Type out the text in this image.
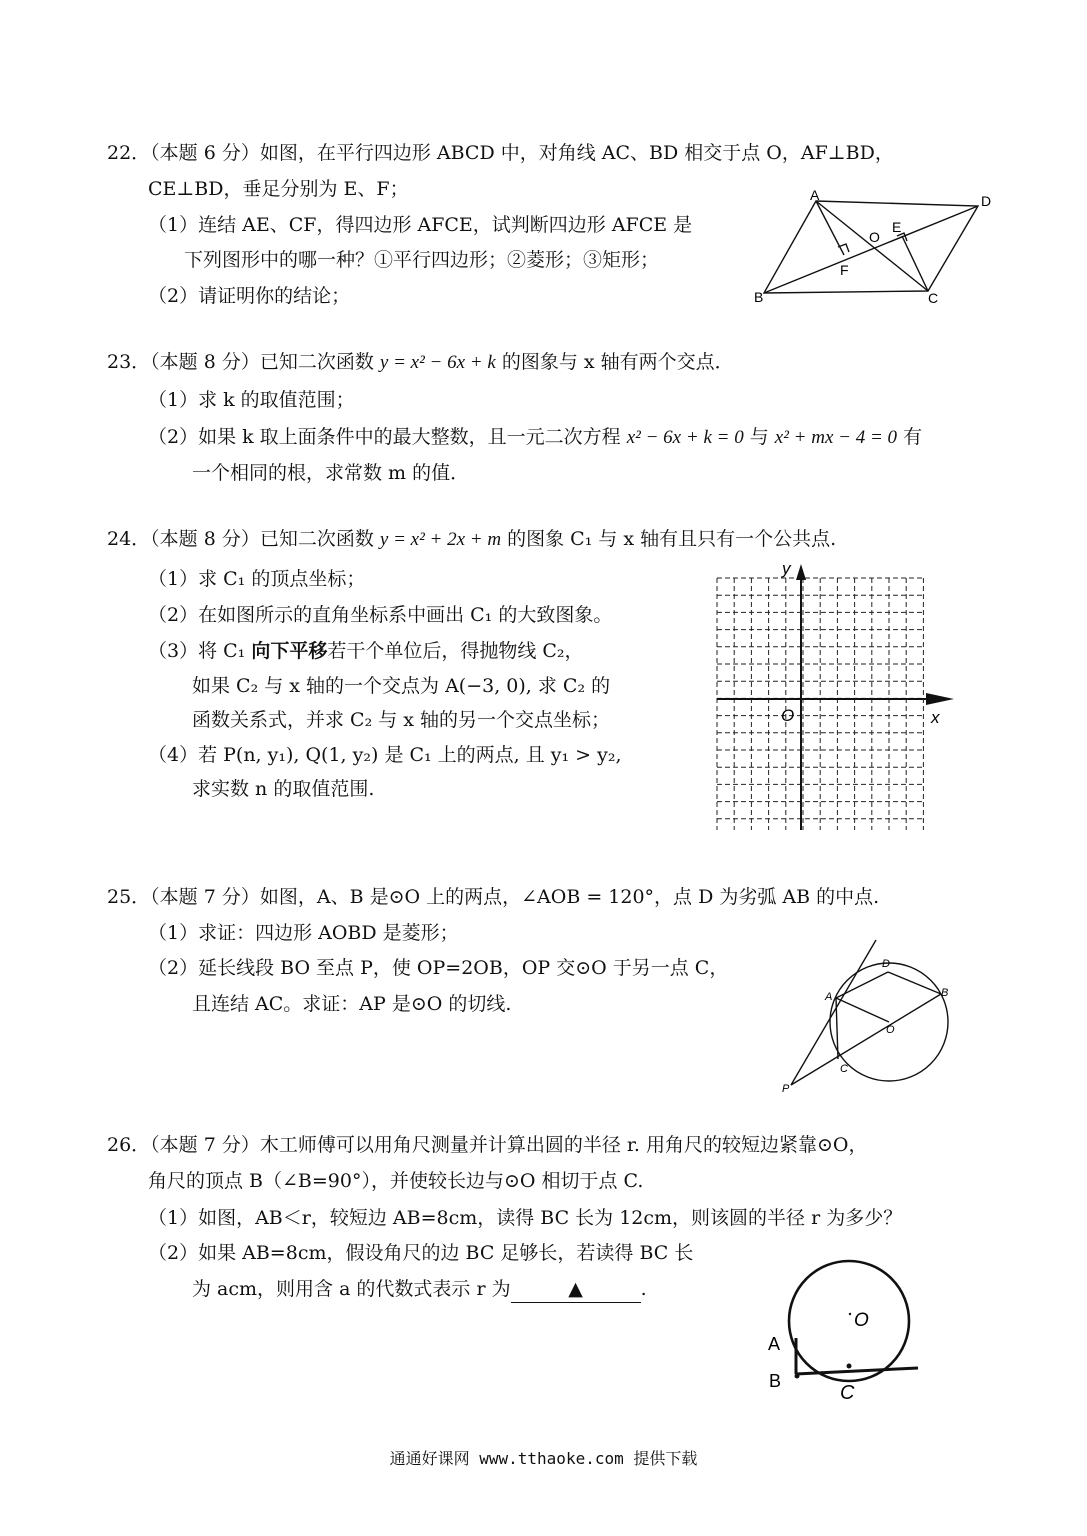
22．（本题 6 分）如图，在平行四边形 ABCD 中，对角线 AC、BD 相交于点 O，AF⊥BD，
CE⊥BD，垂足分别为 E、F；
（1）连结 AE、CF，得四边形 AFCE，试判断四边形 AFCE 是
下列图形中的哪一种？①平行四边形；②菱形；③矩形；
（2）请证明你的结论；
A	D
B	C
O
E
F
23．（本题 8 分）已知二次函数 y = x² − 6x + k 的图象与 x 轴有两个交点．
（1）求 k 的取值范围；
（2）如果 k 取上面条件中的最大整数，且一元二次方程 x² − 6x + k = 0 与 x² + mx − 4 = 0 有
一个相同的根，求常数 m 的值．
24．（本题 8 分）已知二次函数 y = x² + 2x + m 的图象 C₁ 与 x 轴有且只有一个公共点.
（1）求 C₁ 的顶点坐标；
（2）在如图所示的直角坐标系中画出 C₁ 的大致图象。
（3）将 C₁ 向下平移若干个单位后，得抛物线 C₂，
如果 C₂ 与 x 轴的一个交点为 A(−3, 0), 求 C₂ 的
函数关系式，并求 C₂ 与 x 轴的另一个交点坐标；
（4）若 P(n, y₁), Q(1, y₂) 是 C₁ 上的两点, 且 y₁ > y₂,
求实数 n 的取值范围.
y
x
O
25．（本题 7 分）如图，A、B 是⊙O 上的两点，∠AOB = 120°，点 D 为劣弧 AB 的中点.
（1）求证：四边形 AOBD 是菱形；
（2）延长线段 BO 至点 P，使 OP=2OB，OP 交⊙O 于另一点 C，
且连结 AC。求证：AP 是⊙O 的切线.	A	B
C
D
O
P
26．（本题 7 分）木工师傅可以用角尺测量并计算出圆的半径 r. 用角尺的较短边紧靠⊙O，
角尺的顶点 B（∠B=90°），并使较长边与⊙O 相切于点 C.
（1）如图，AB＜r，较短边 AB=8cm，读得 BC 长为 12cm，则该圆的半径 r 为多少？
（2）如果 AB=8cm，假设角尺的边 BC 足够长，若读得 BC 长
为 acm，则用含 a 的代数式表示 r 为	▲	.
O
A
B
C
通通好课网 www.tthaoke.com 提供下载
